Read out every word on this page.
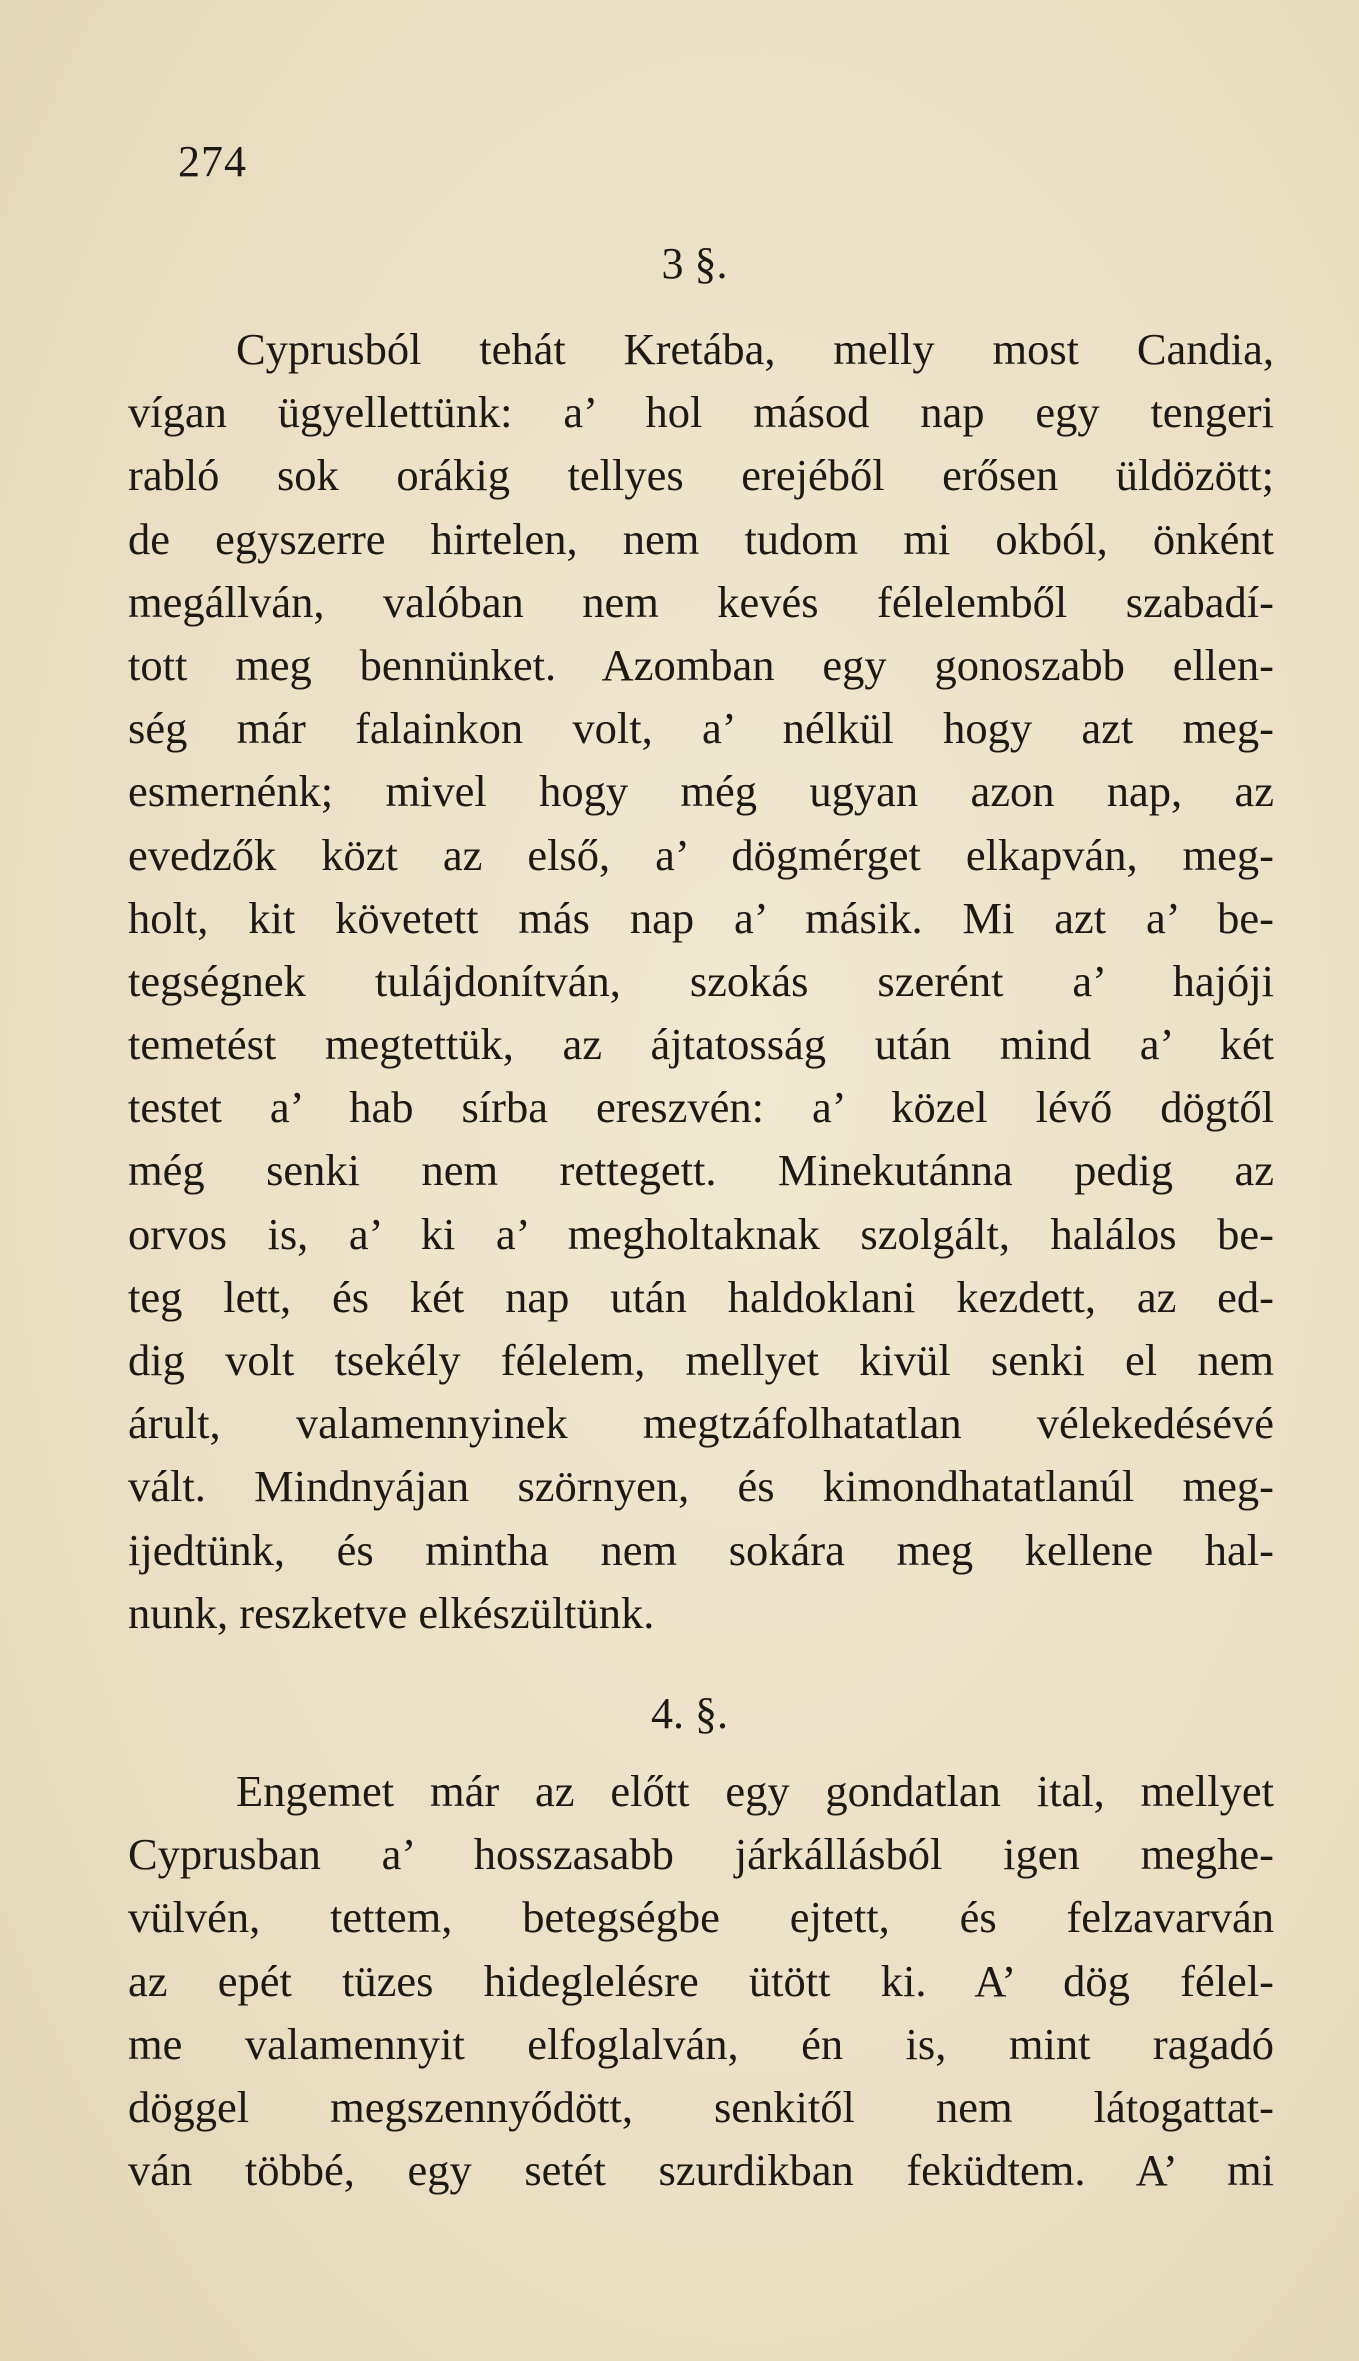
274
3 §.
Cyprusból tehát Kretába, melly most Candia,
vígan ügyellettünk: a’ hol másod nap egy tengeri
rabló sok orákig tellyes erejéből erősen üldözött;
de egyszerre hirtelen, nem tudom mi okból, önként
megállván, valóban nem kevés félelemből szabadí-
tott meg bennünket. Azomban egy gonoszabb ellen-
ség már falainkon volt, a’ nélkül hogy azt meg-
esmernénk; mivel hogy még ugyan azon nap, az
evedzők közt az első, a’ dögmérget elkapván, meg-
holt, kit követett más nap a’ másik. Mi azt a’ be-
tegségnek tulájdonítván, szokás szerént a’ hajóji
temetést megtettük, az ájtatosság után mind a’ két
testet a’ hab sírba ereszvén: a’ közel lévő dögtől
még senki nem rettegett. Minekutánna pedig az
orvos is, a’ ki a’ megholtaknak szolgált, halálos be-
teg lett, és két nap után haldoklani kezdett, az ed-
dig volt tsekély félelem, mellyet kivül senki el nem
árult, valamennyinek megtzáfolhatatlan vélekedésévé
vált. Mindnyájan szörnyen, és kimondhatatlanúl meg-
ijedtünk, és mintha nem sokára meg kellene hal-
nunk, reszketve elkészültünk.
4. §.
Engemet már az előtt egy gondatlan ital, mellyet
Cyprusban a’ hosszasabb járkállásból igen meghe-
vülvén, tettem, betegségbe ejtett, és felzavarván
az epét tüzes hideglelésre ütött ki. A’ dög félel-
me valamennyit elfoglalván, én is, mint ragadó
döggel megszennyődött, senkitől nem látogattat-
ván többé, egy setét szurdikban feküdtem. A’ mi
